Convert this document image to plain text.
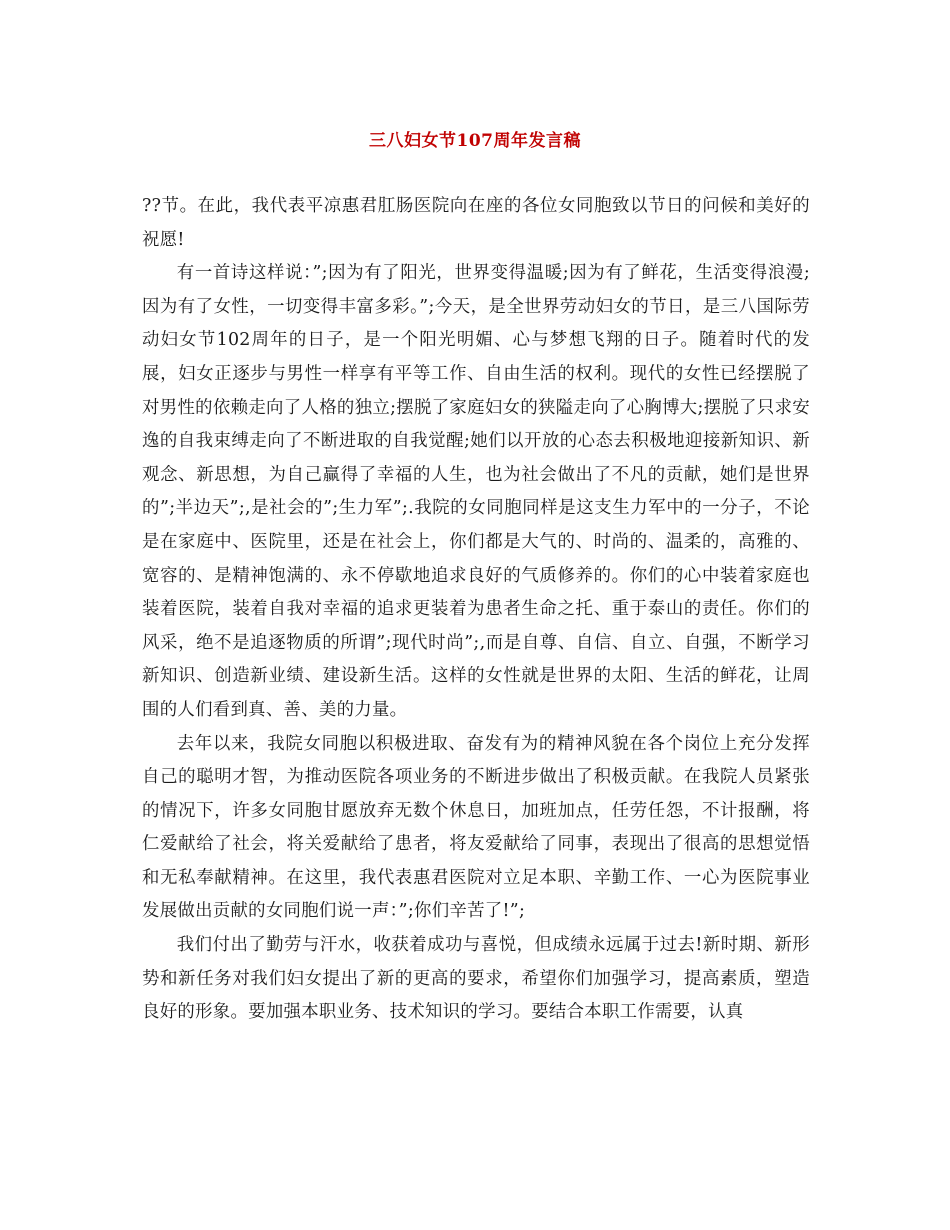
三八妇女节107周年发言稿

??节。在此，我代表平凉惠君肛肠医院向在座的各位女同胞致以节日的问候和美好的祝愿!

有一首诗这样说：”;因为有了阳光，世界变得温暖;因为有了鲜花，生活变得浪漫;因为有了女性，一切变得丰富多彩。”;今天，是全世界劳动妇女的节日，是三八国际劳动妇女节102周年的日子，是一个阳光明媚、心与梦想飞翔的日子。随着时代的发展，妇女正逐步与男性一样享有平等工作、自由生活的权利。现代的女性已经摆脱了对男性的依赖走向了人格的独立;摆脱了家庭妇女的狭隘走向了心胸博大;摆脱了只求安逸的自我束缚走向了不断进取的自我觉醒;她们以开放的心态去积极地迎接新知识、新观念、新思想，为自己赢得了幸福的人生，也为社会做出了不凡的贡献，她们是世界的”;半边天”;,是社会的”;生力军”;.我院的女同胞同样是这支生力军中的一分子，不论是在家庭中、医院里，还是在社会上，你们都是大气的、时尚的、温柔的，高雅的、宽容的、是精神饱满的、永不停歇地追求良好的气质修养的。你们的心中装着家庭也装着医院，装着自我对幸福的追求更装着为患者生命之托、重于泰山的责任。你们的风采，绝不是追逐物质的所谓”;现代时尚”;,而是自尊、自信、自立、自强，不断学习新知识、创造新业绩、建设新生活。这样的女性就是世界的太阳、生活的鲜花，让周围的人们看到真、善、美的力量。

去年以来，我院女同胞以积极进取、奋发有为的精神风貌在各个岗位上充分发挥自己的聪明才智，为推动医院各项业务的不断进步做出了积极贡献。在我院人员紧张的情况下，许多女同胞甘愿放弃无数个休息日，加班加点，任劳任怨，不计报酬，将仁爱献给了社会，将关爱献给了患者，将友爱献给了同事，表现出了很高的思想觉悟和无私奉献精神。在这里，我代表惠君医院对立足本职、辛勤工作、一心为医院事业发展做出贡献的女同胞们说一声：”;你们辛苦了!”;

我们付出了勤劳与汗水，收获着成功与喜悦，但成绩永远属于过去!新时期、新形势和新任务对我们妇女提出了新的更高的要求，希望你们加强学习，提高素质，塑造良好的形象。要加强本职业务、技术知识的学习。要结合本职工作需要，认真
